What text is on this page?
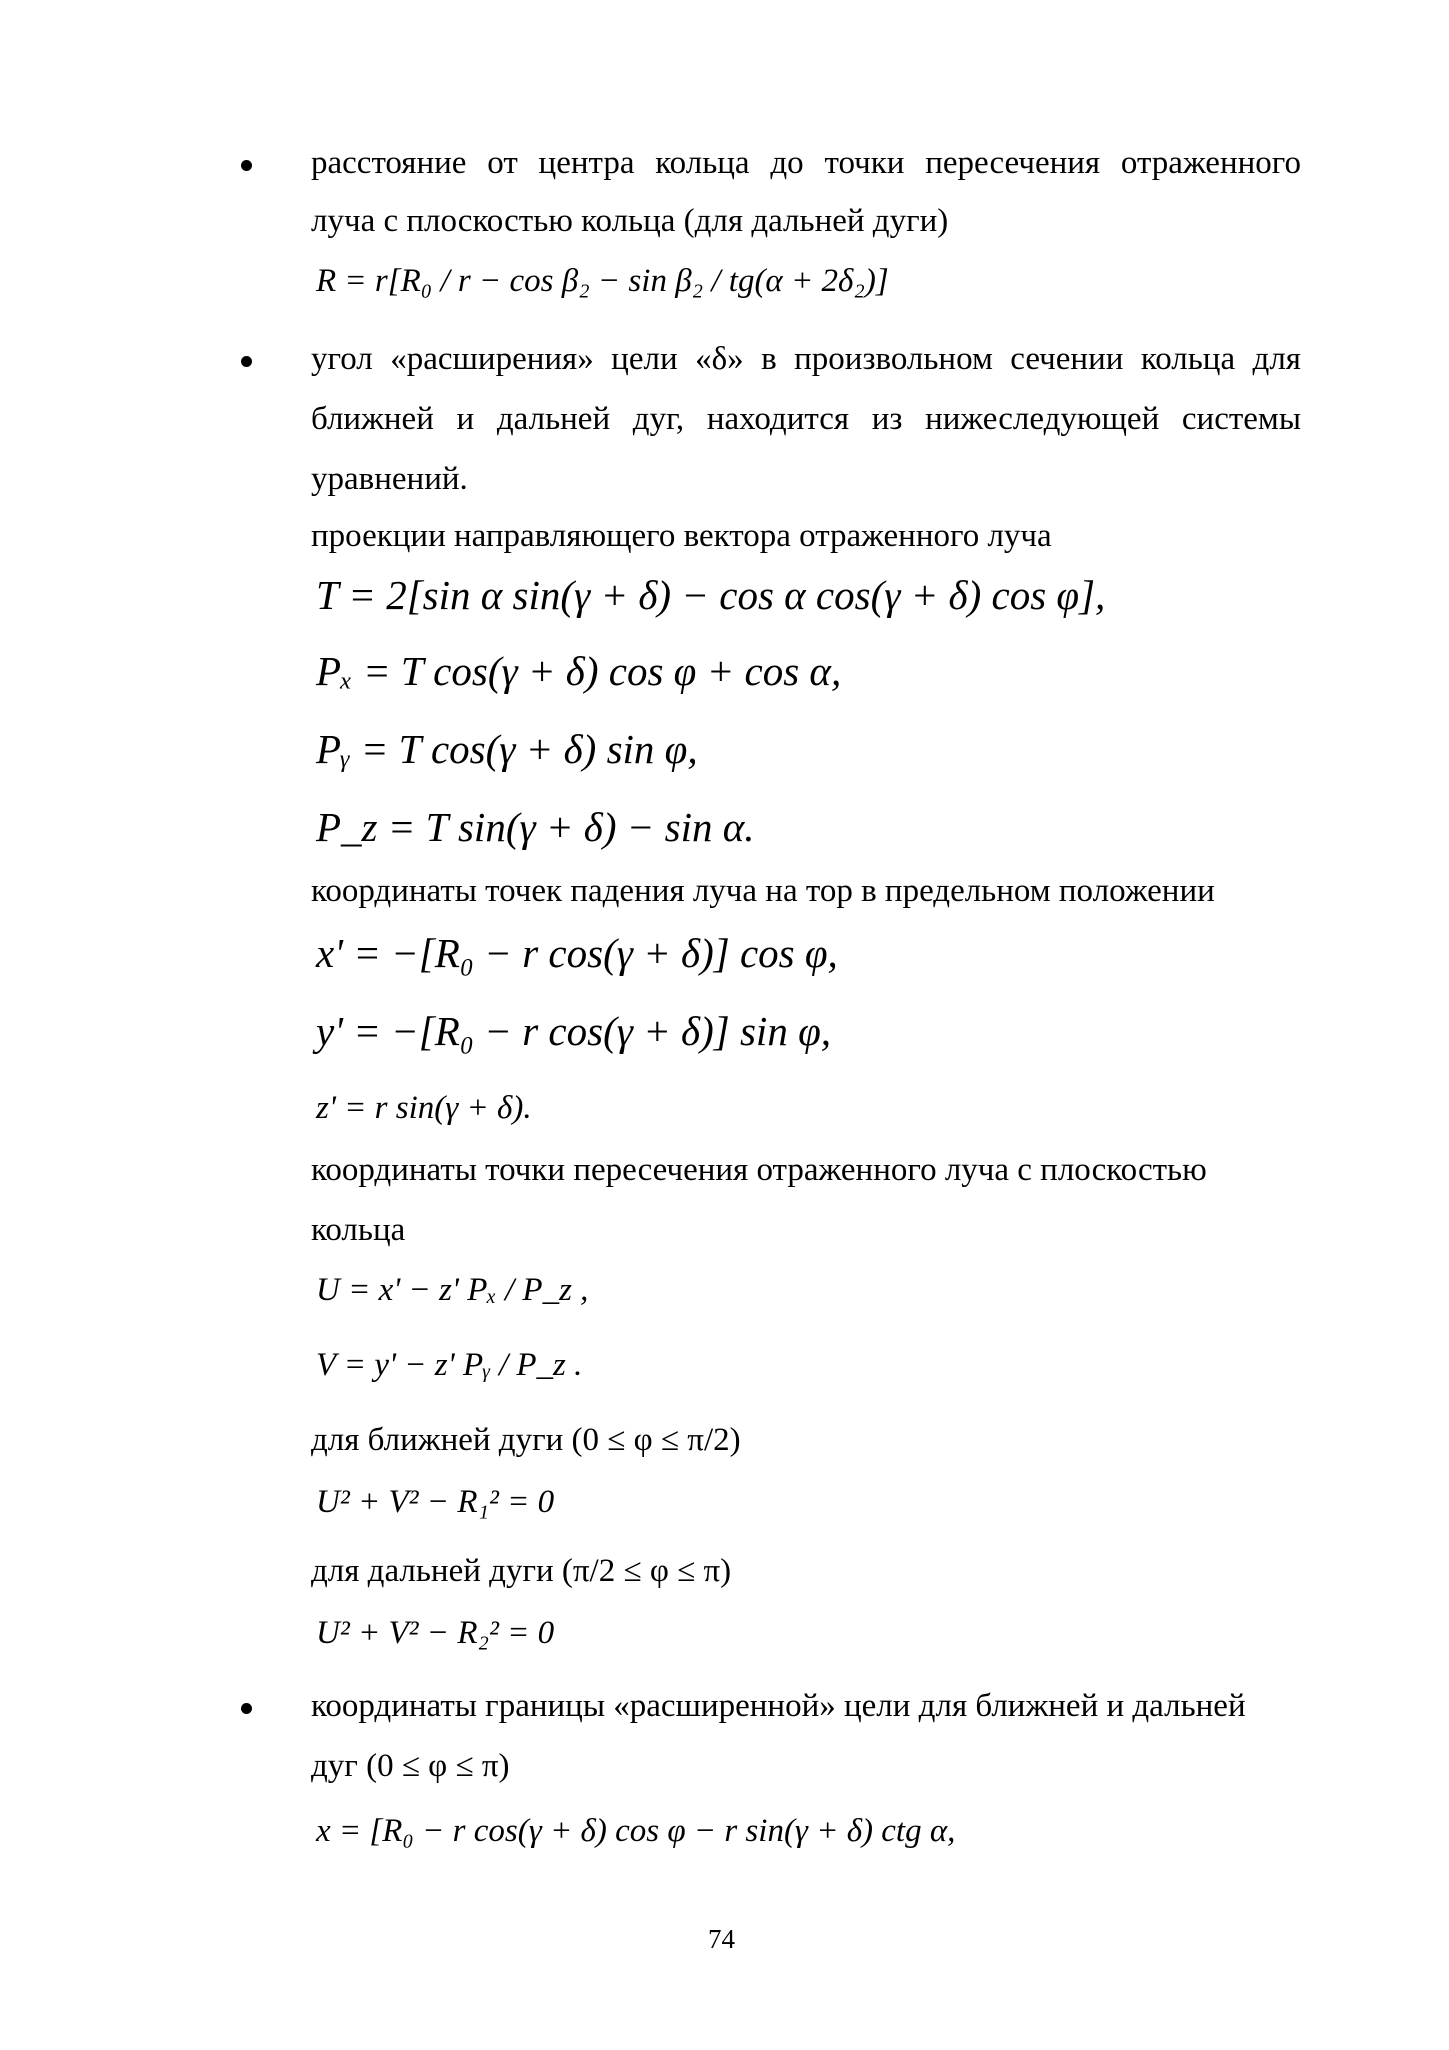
расстояние от центра кольца до точки пересечения отраженного
луча с плоскостью кольца (для дальней дуги)
R = r[R₀ / r − cos β₂ − sin β₂ / tg(α + 2δ₂)]
угол «расширения» цели «δ» в произвольном сечении кольца для
ближней и дальней дуг, находится из нижеследующей системы
уравнений.
проекции направляющего вектора отраженного луча
T = 2[sin α sin(γ + δ) − cos α cos(γ + δ) cos φ],
Pₓ = T cos(γ + δ) cos φ + cos α,
Pᵧ = T cos(γ + δ) sin φ,
P_z = T sin(γ + δ) − sin α.
координаты точек падения луча на тор в предельном положении
x' = −[R₀ − r cos(γ + δ)] cos φ,
y' = −[R₀ − r cos(γ + δ)] sin φ,
z' = r sin(γ + δ).
координаты точки пересечения отраженного луча с плоскостью
кольца
U = x' − z' Pₓ / P_z ,
V = y' − z' Pᵧ / P_z .
для ближней дуги (0 ≤ φ ≤ π/2)
U² + V² − R₁² = 0
для дальней дуги (π/2 ≤ φ ≤ π)
U² + V² − R₂² = 0
координаты границы «расширенной» цели для ближней и дальней
дуг (0 ≤ φ ≤ π)
x = [R₀ − r cos(γ + δ) cos φ − r sin(γ + δ) ctg α,
74
